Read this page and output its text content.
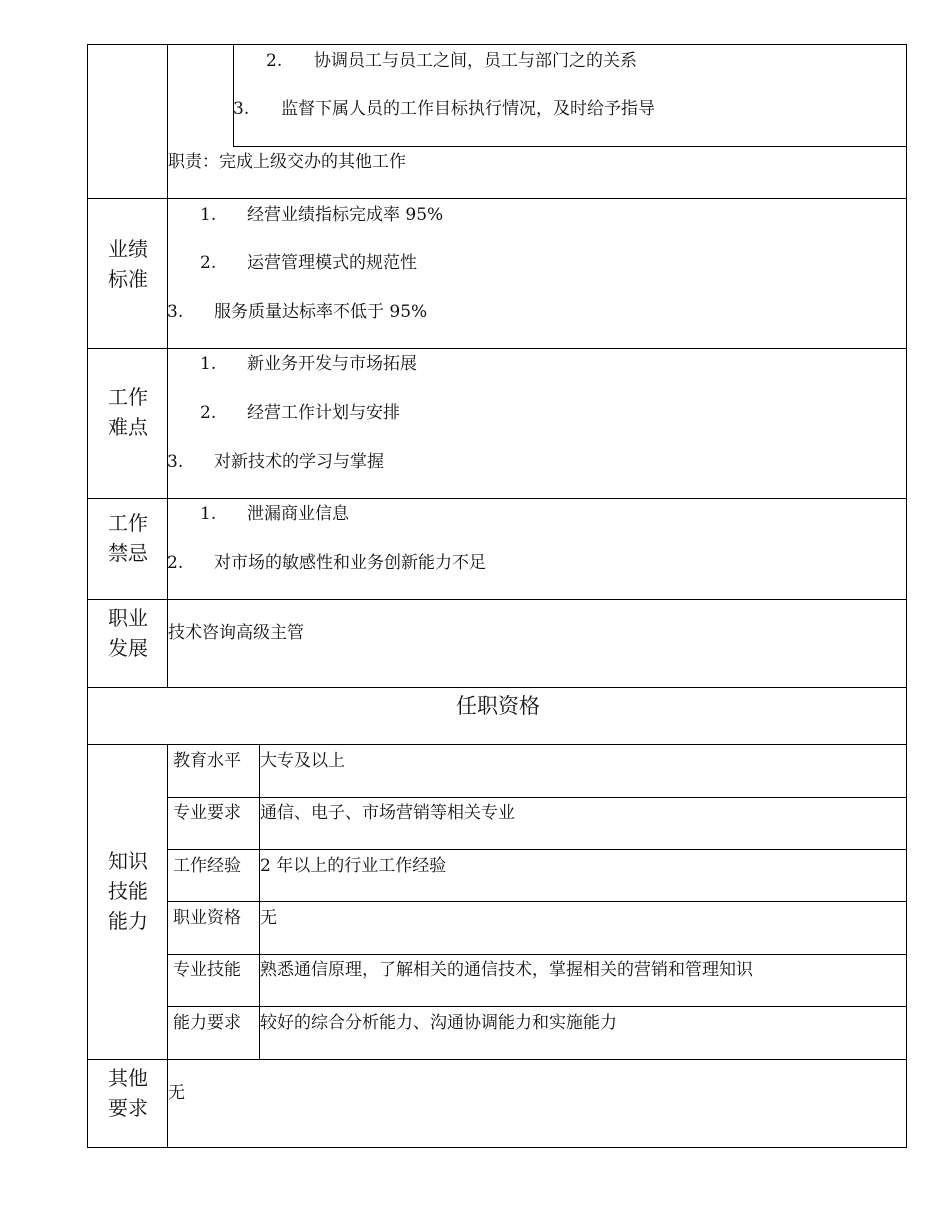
2. 协调员工与员工之间，员工与部门之的关系
3. 监督下属人员的工作目标执行情况，及时给予指导
职责：完成上级交办的其他工作
业绩
标准
1. 经营业绩指标完成率 95%
2. 运营管理模式的规范性
3. 服务质量达标率不低于 95%
工作
难点
1. 新业务开发与市场拓展
2. 经营工作计划与安排
3. 对新技术的学习与掌握
工作
禁忌
1. 泄漏商业信息
2. 对市场的敏感性和业务创新能力不足
职业
发展
技术咨询高级主管
任职资格
知识
技能
能力
教育水平 大专及以上
专业要求 通信、电子、市场营销等相关专业
工作经验 2 年以上的行业工作经验
职业资格 无
专业技能 熟悉通信原理，了解相关的通信技术，掌握相关的营销和管理知识
能力要求 较好的综合分析能力、沟通协调能力和实施能力
其他
要求
无
